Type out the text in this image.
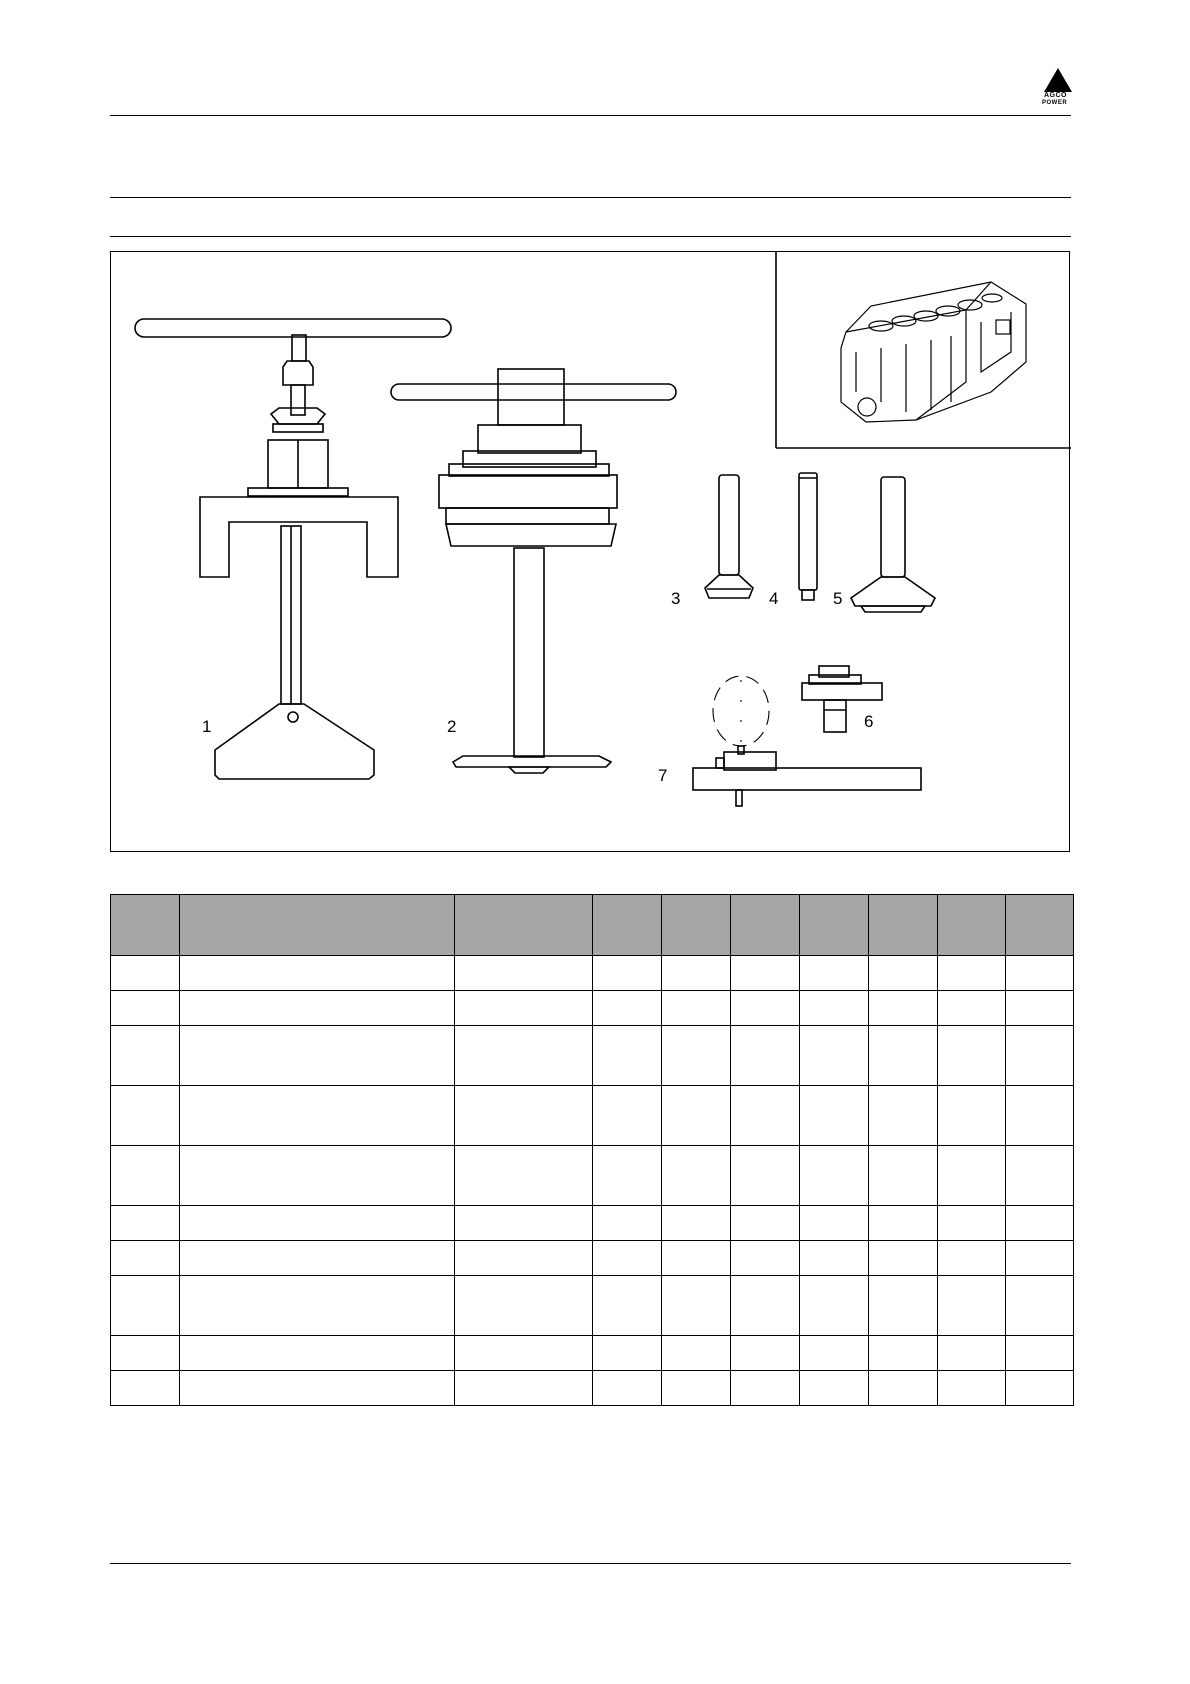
AGCO
POWER
1	2
3	4	5
6
7
